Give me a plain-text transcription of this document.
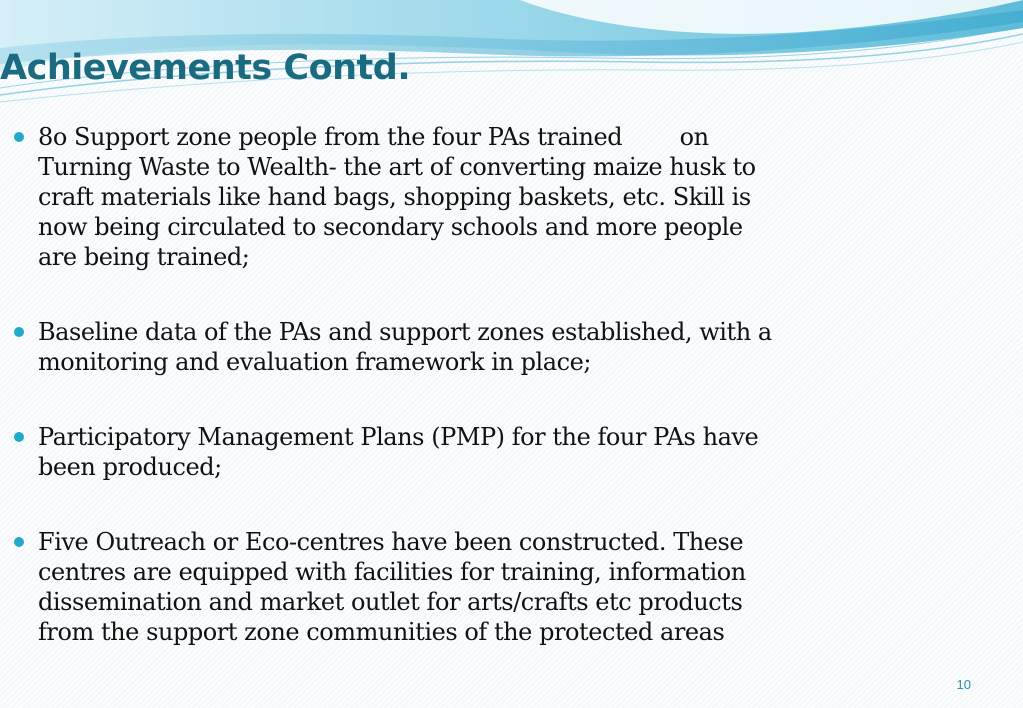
Achievements Contd.
8o Support zone people from the four PAs trained        on
Turning Waste to Wealth- the art of converting maize husk to
craft materials like hand bags, shopping baskets, etc. Skill is
now being circulated to secondary schools and more people
are being trained;
Baseline data of the PAs and support zones established, with a
monitoring and evaluation framework in place;
Participatory Management Plans (PMP) for the four PAs have
been produced;
Five Outreach or Eco-centres have been constructed. These
centres are equipped with facilities for training, information
dissemination and market outlet for arts/crafts etc products
from the support zone communities of the protected areas
10
